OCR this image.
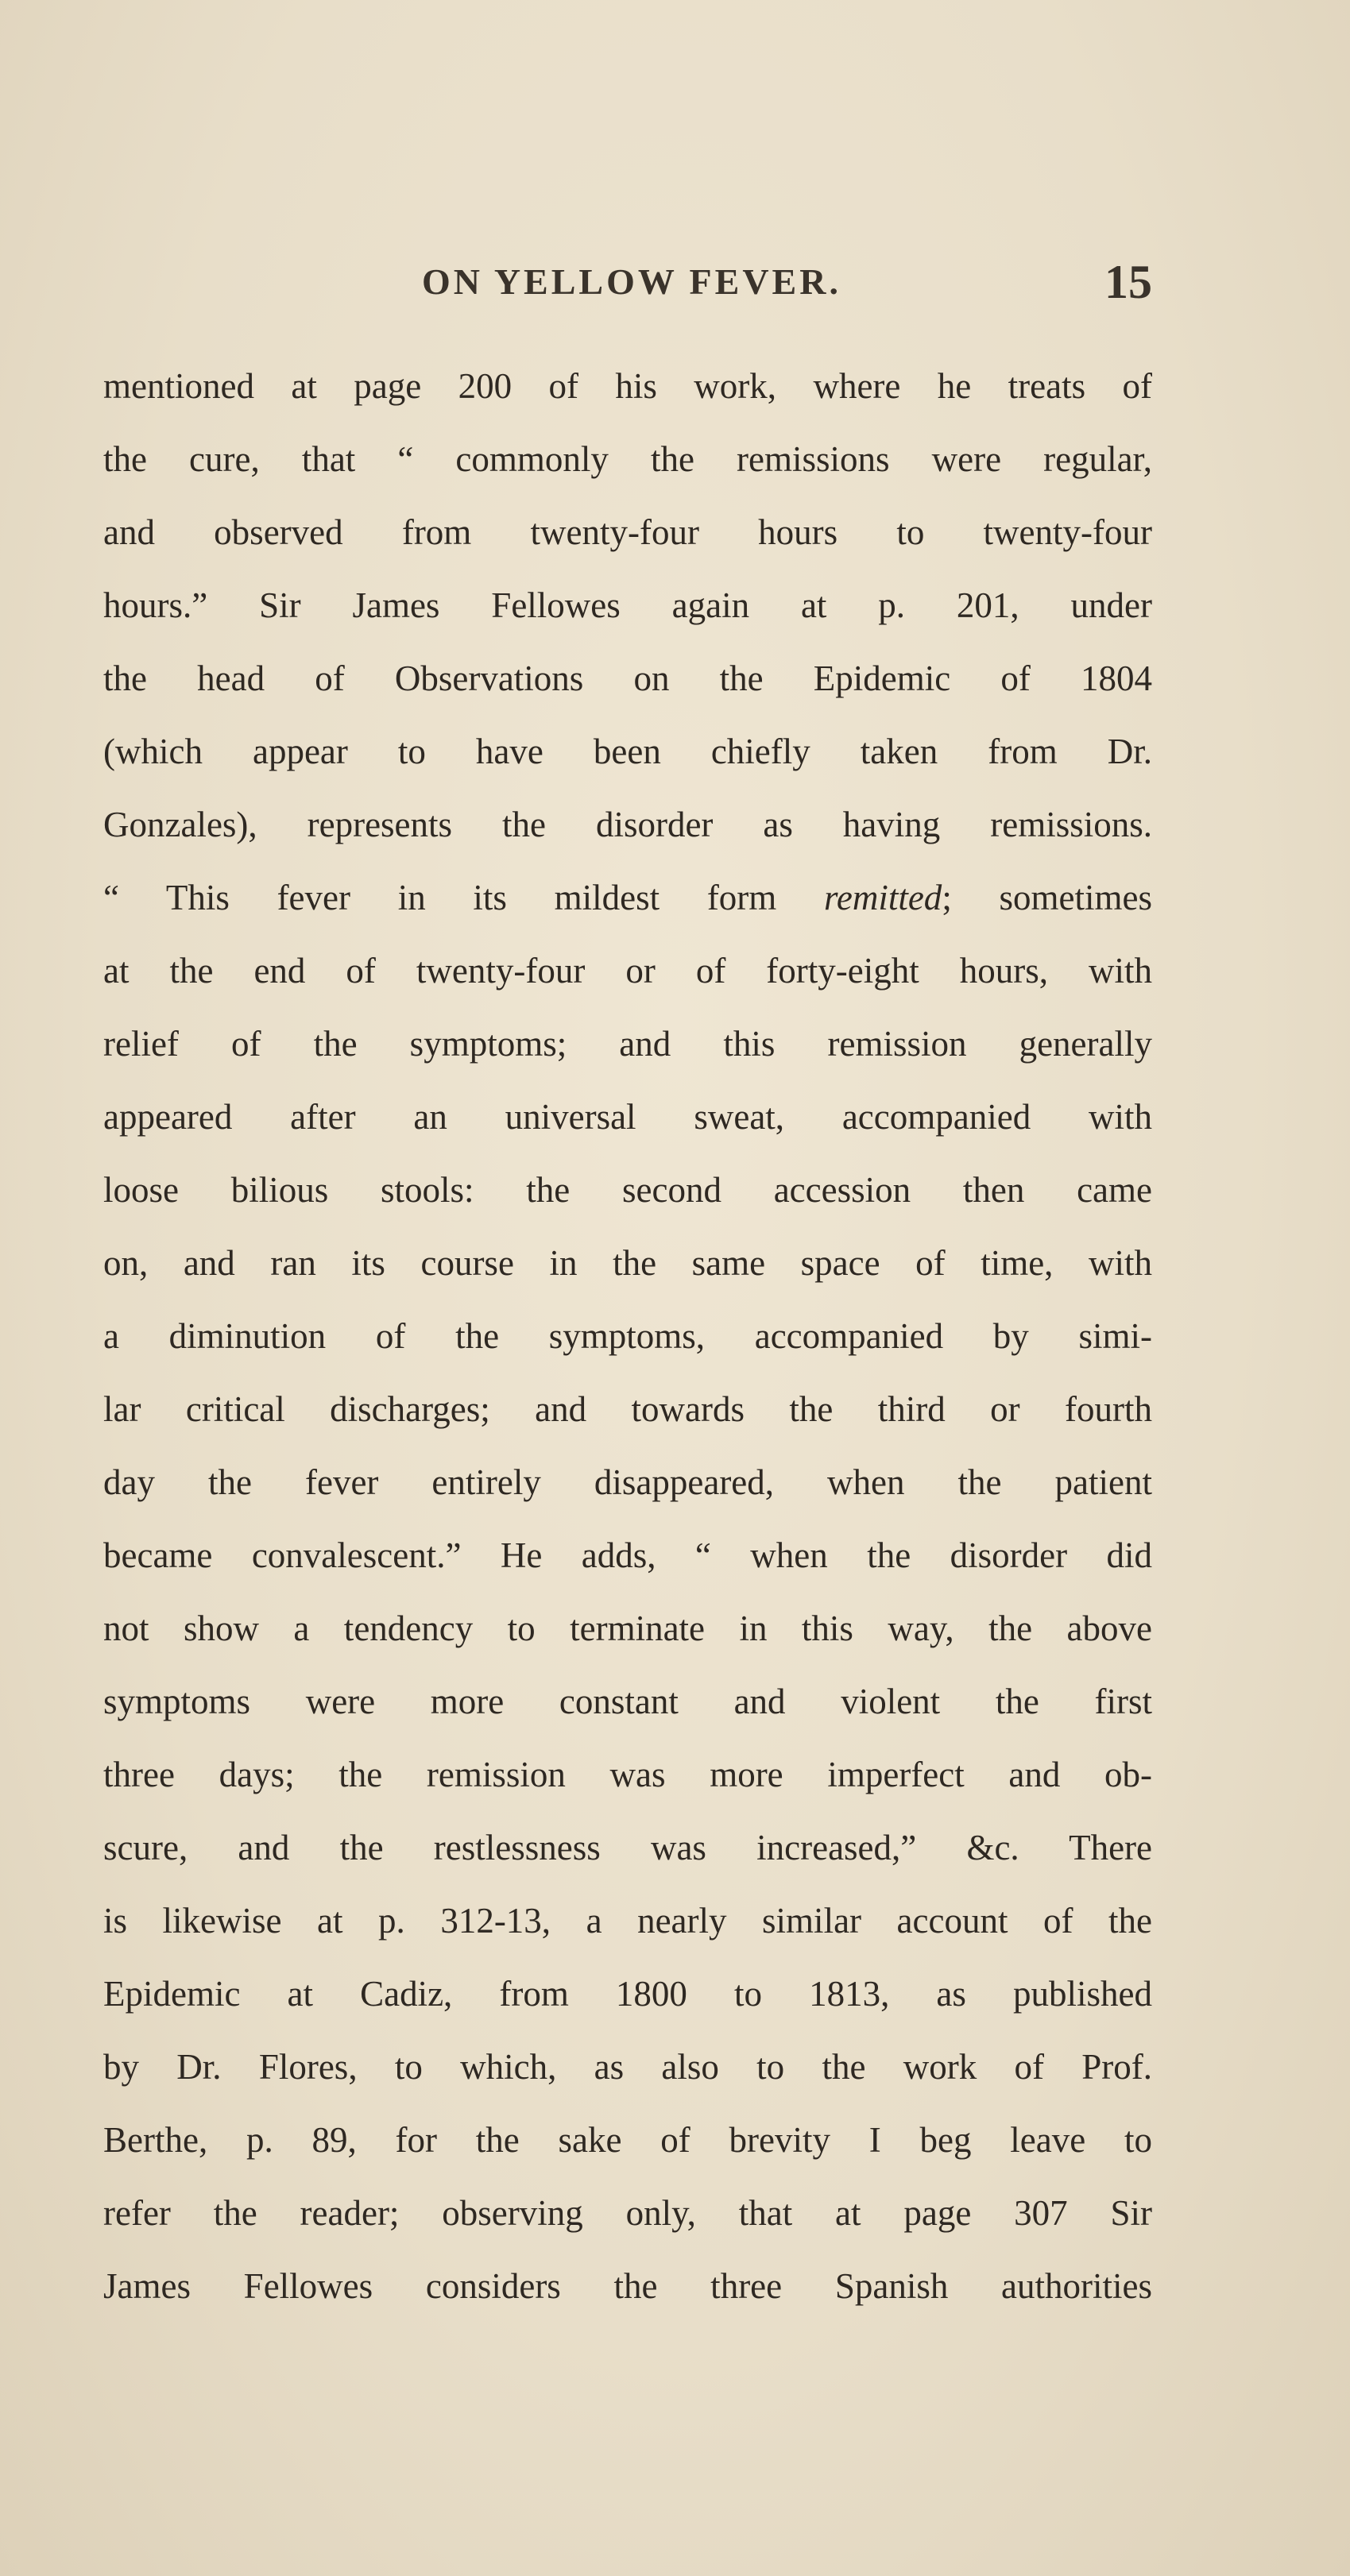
ON YELLOW FEVER.	15
mentioned at page 200 of his work, where he treats of
the cure, that “ commonly the remissions were regular,
and observed from twenty-four hours to twenty-four
hours.” Sir James Fellowes again at p. 201, under
the head of Observations on the Epidemic of 1804
(which appear to have been chiefly taken from Dr.
Gonzales), represents the disorder as having remissions.
“ This fever in its mildest form remitted; sometimes
at the end of twenty-four or of forty-eight hours, with
relief of the symptoms; and this remission generally
appeared after an universal sweat, accompanied with
loose bilious stools: the second accession then came
on, and ran its course in the same space of time, with
a diminution of the symptoms, accompanied by simi-
lar critical discharges; and towards the third or fourth
day the fever entirely disappeared, when the patient
became convalescent.” He adds, “ when the disorder did
not show a tendency to terminate in this way, the above
symptoms were more constant and violent the first
three days; the remission was more imperfect and ob-
scure, and the restlessness was increased,” &c. There
is likewise at p. 312-13, a nearly similar account of the
Epidemic at Cadiz, from 1800 to 1813, as published
by Dr. Flores, to which, as also to the work of Prof.
Berthe, p. 89, for the sake of brevity I beg leave to
refer the reader; observing only, that at page 307 Sir
James Fellowes considers the three Spanish authorities
